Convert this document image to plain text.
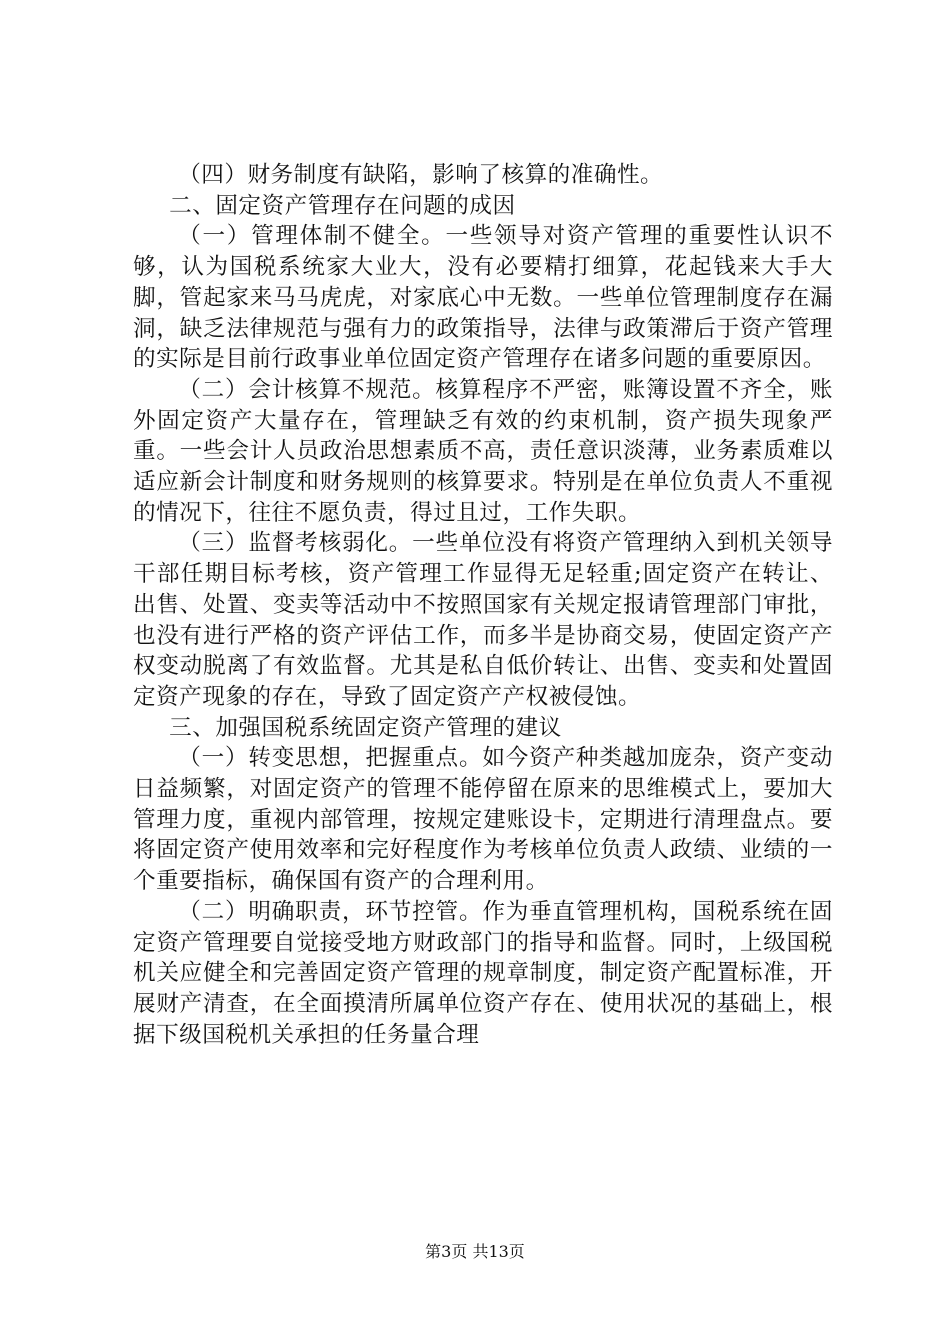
（四）财务制度有缺陷，影响了核算的准确性。

二、固定资产管理存在问题的成因

（一）管理体制不健全。一些领导对资产管理的重要性认识不够，认为国税系统家大业大，没有必要精打细算，花起钱来大手大脚，管起家来马马虎虎，对家底心中无数。一些单位管理制度存在漏洞，缺乏法律规范与强有力的政策指导，法律与政策滞后于资产管理的实际是目前行政事业单位固定资产管理存在诸多问题的重要原因。

（二）会计核算不规范。核算程序不严密，账簿设置不齐全，账外固定资产大量存在，管理缺乏有效的约束机制，资产损失现象严重。一些会计人员政治思想素质不高，责任意识淡薄，业务素质难以适应新会计制度和财务规则的核算要求。特别是在单位负责人不重视的情况下，往往不愿负责，得过且过，工作失职。

（三）监督考核弱化。一些单位没有将资产管理纳入到机关领导干部任期目标考核，资产管理工作显得无足轻重;固定资产在转让、出售、处置、变卖等活动中不按照国家有关规定报请管理部门审批，也没有进行严格的资产评估工作，而多半是协商交易，使固定资产产权变动脱离了有效监督。尤其是私自低价转让、出售、变卖和处置固定资产现象的存在，导致了固定资产产权被侵蚀。

三、加强国税系统固定资产管理的建议

（一）转变思想，把握重点。如今资产种类越加庞杂，资产变动日益频繁，对固定资产的管理不能停留在原来的思维模式上，要加大管理力度，重视内部管理，按规定建账设卡，定期进行清理盘点。要将固定资产使用效率和完好程度作为考核单位负责人政绩、业绩的一个重要指标，确保国有资产的合理利用。

（二）明确职责，环节控管。作为垂直管理机构，国税系统在固定资产管理要自觉接受地方财政部门的指导和监督。同时，上级国税机关应健全和完善固定资产管理的规章制度，制定资产配置标准，开展财产清查，在全面摸清所属单位资产存在、使用状况的基础上，根据下级国税机关承担的任务量合理

第3页 共13页
